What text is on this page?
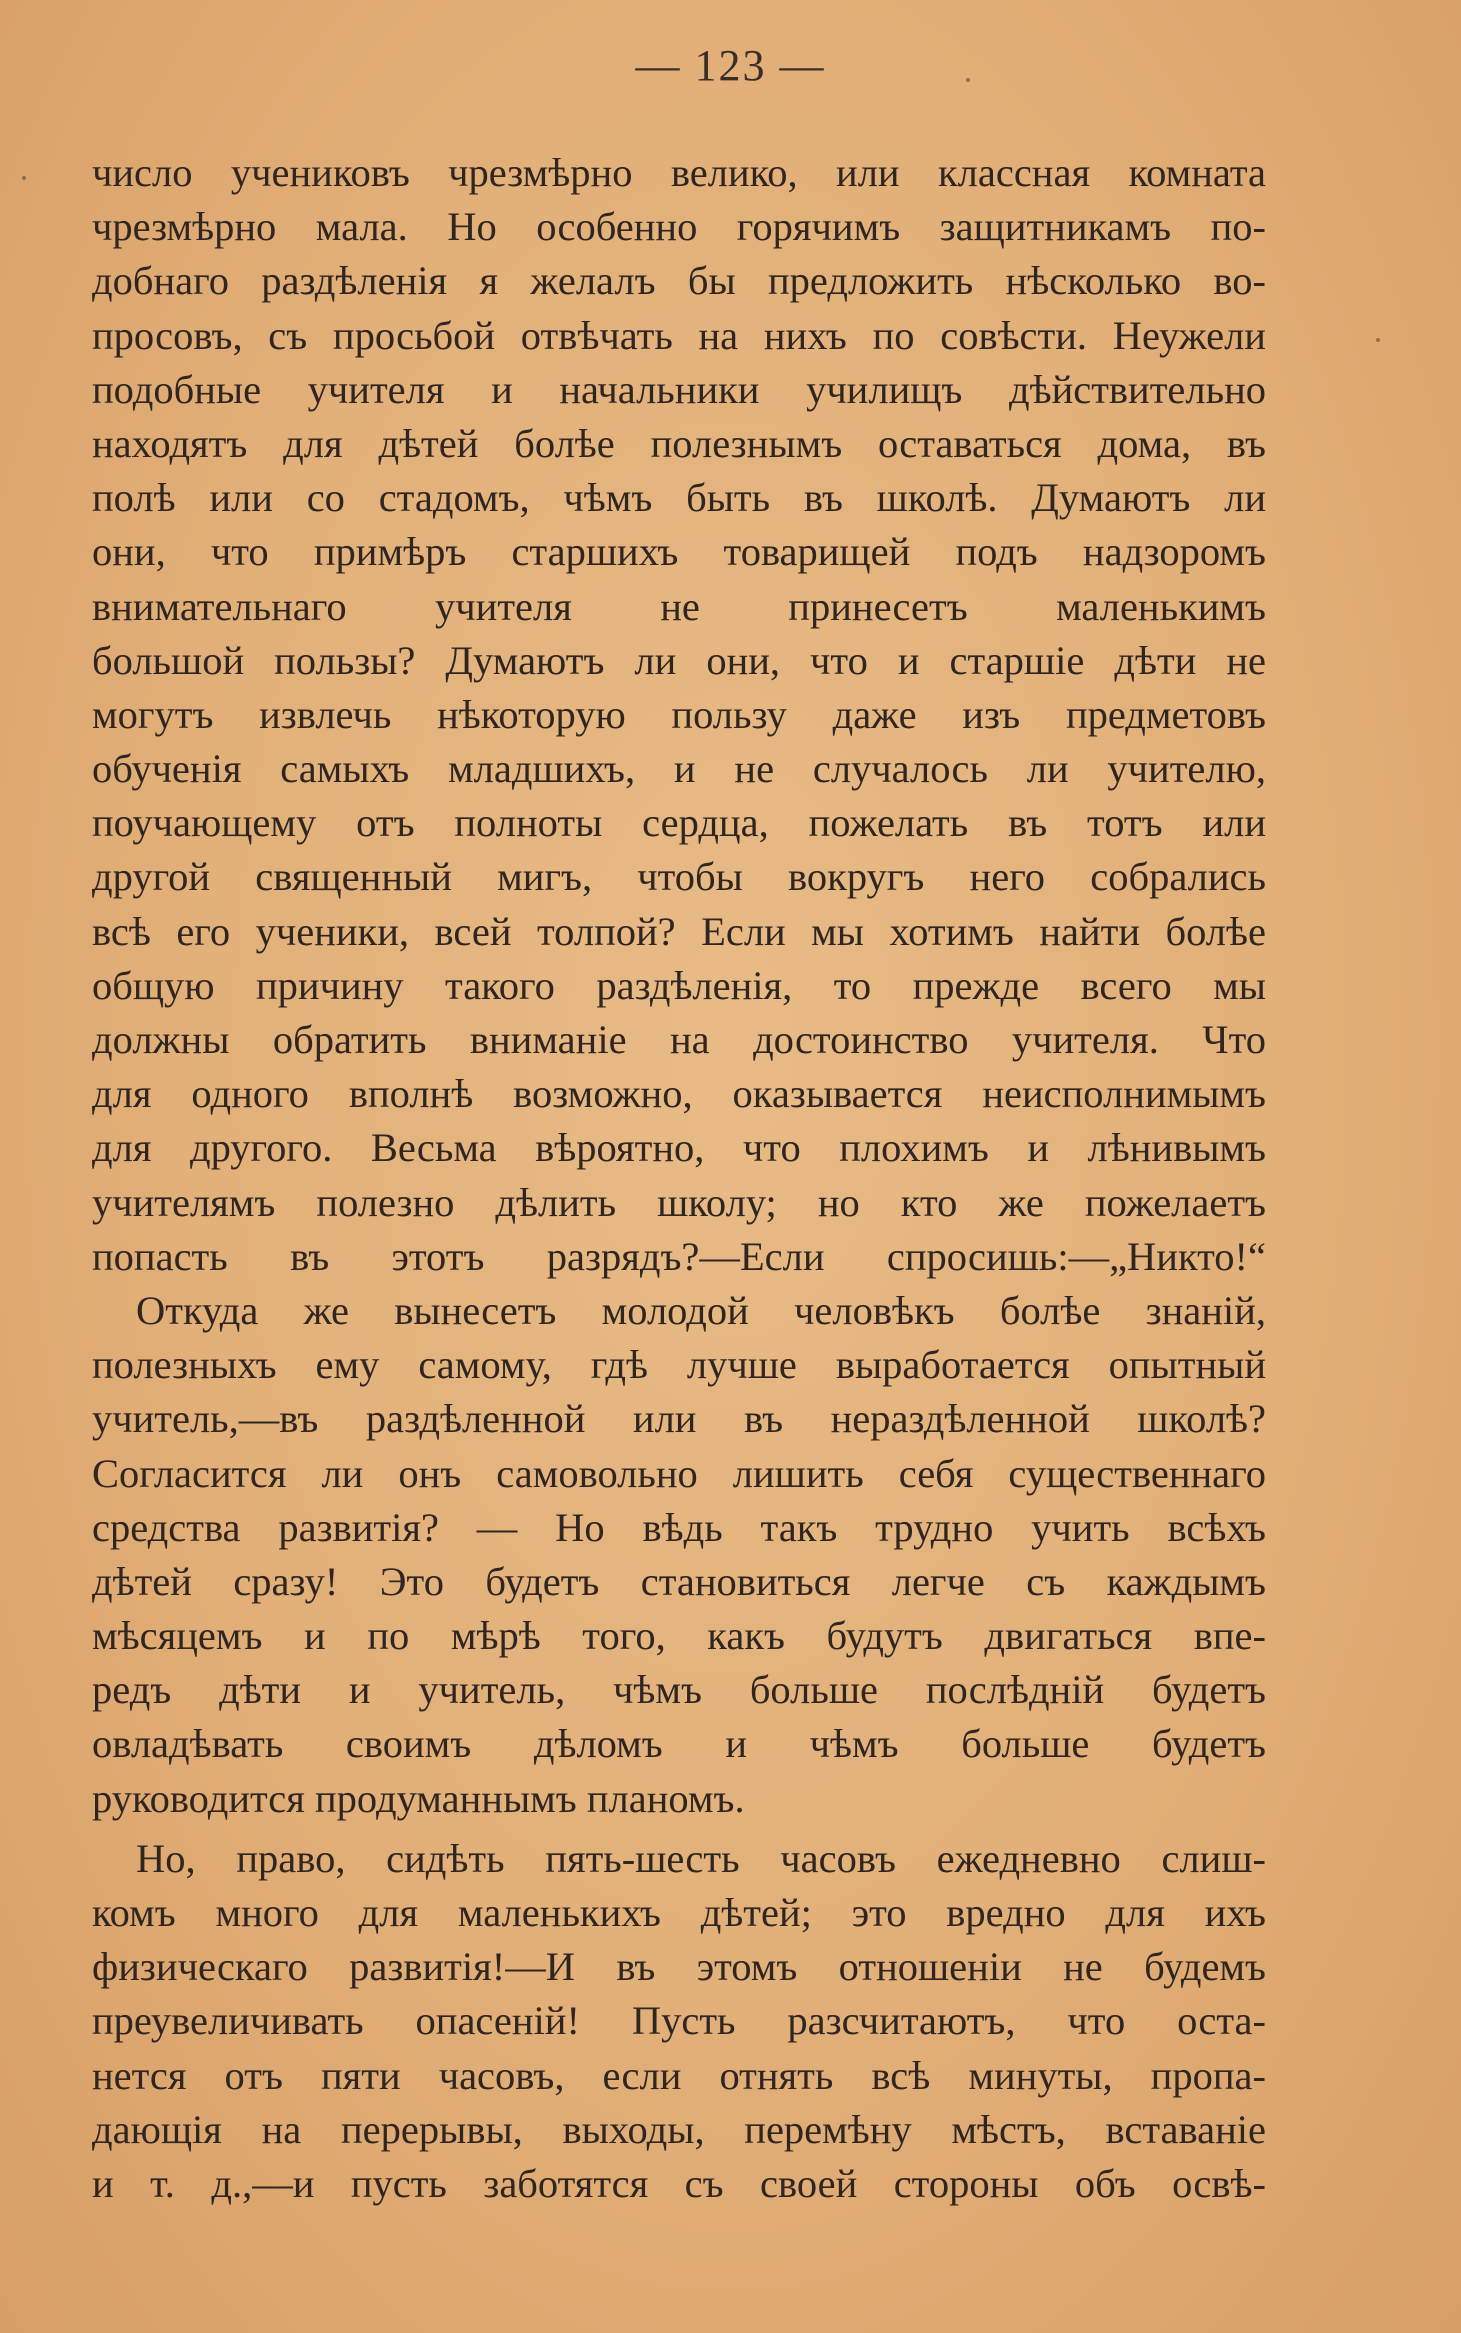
— 123 —
число учениковъ чрезмѣрно велико, или классная комната
чрезмѣрно мала. Но особенно горячимъ защитникамъ по-
добнаго раздѣленія я желалъ бы предложить нѣсколько во-
просовъ, съ просьбой отвѣчать на нихъ по совѣсти. Неужели
подобные учителя и начальники училищъ дѣйствительно
находятъ для дѣтей болѣе полезнымъ оставаться дома, въ
полѣ или со стадомъ, чѣмъ быть въ школѣ. Думаютъ ли
они, что примѣръ старшихъ товарищей подъ надзоромъ
внимательнаго учителя не принесетъ маленькимъ
большой пользы? Думаютъ ли они, что и старшіе дѣти не
могутъ извлечь нѣкоторую пользу даже изъ предметовъ
обученія самыхъ младшихъ, и не случалось ли учителю,
поучающему отъ полноты сердца, пожелать въ тотъ или
другой священный мигъ, чтобы вокругъ него собрались
всѣ его ученики, всей толпой? Если мы хотимъ найти болѣе
общую причину такого раздѣленія, то прежде всего мы
должны обратить вниманіе на достоинство учителя. Что
для одного вполнѣ возможно, оказывается неисполнимымъ
для другого. Весьма вѣроятно, что плохимъ и лѣнивымъ
учителямъ полезно дѣлить школу; но кто же пожелаетъ
попасть въ этотъ разрядъ?—Если спросишь:—„Никто!“
Откуда же вынесетъ молодой человѣкъ болѣе знаній,
полезныхъ ему самому, гдѣ лучше выработается опытный
учитель,—въ раздѣленной или въ нераздѣленной школѣ?
Согласится ли онъ самовольно лишить себя существеннаго
средства развитія? — Но вѣдь такъ трудно учить всѣхъ
дѣтей сразу! Это будетъ становиться легче съ каждымъ
мѣсяцемъ и по мѣрѣ того, какъ будутъ двигаться впе-
редъ дѣти и учитель, чѣмъ больше послѣдній будетъ
овладѣвать своимъ дѣломъ и чѣмъ больше будетъ
руководится продуманнымъ планомъ.
Но, право, сидѣть пять-шесть часовъ ежедневно слиш-
комъ много для маленькихъ дѣтей; это вредно для ихъ
физическаго развитія!—И въ этомъ отношеніи не будемъ
преувеличивать опасеній! Пусть разсчитаютъ, что оста-
нется отъ пяти часовъ, если отнять всѣ минуты, пропа-
дающія на перерывы, выходы, перемѣну мѣстъ, вставаніе
и т. д.,—и пусть заботятся съ своей стороны объ освѣ-
